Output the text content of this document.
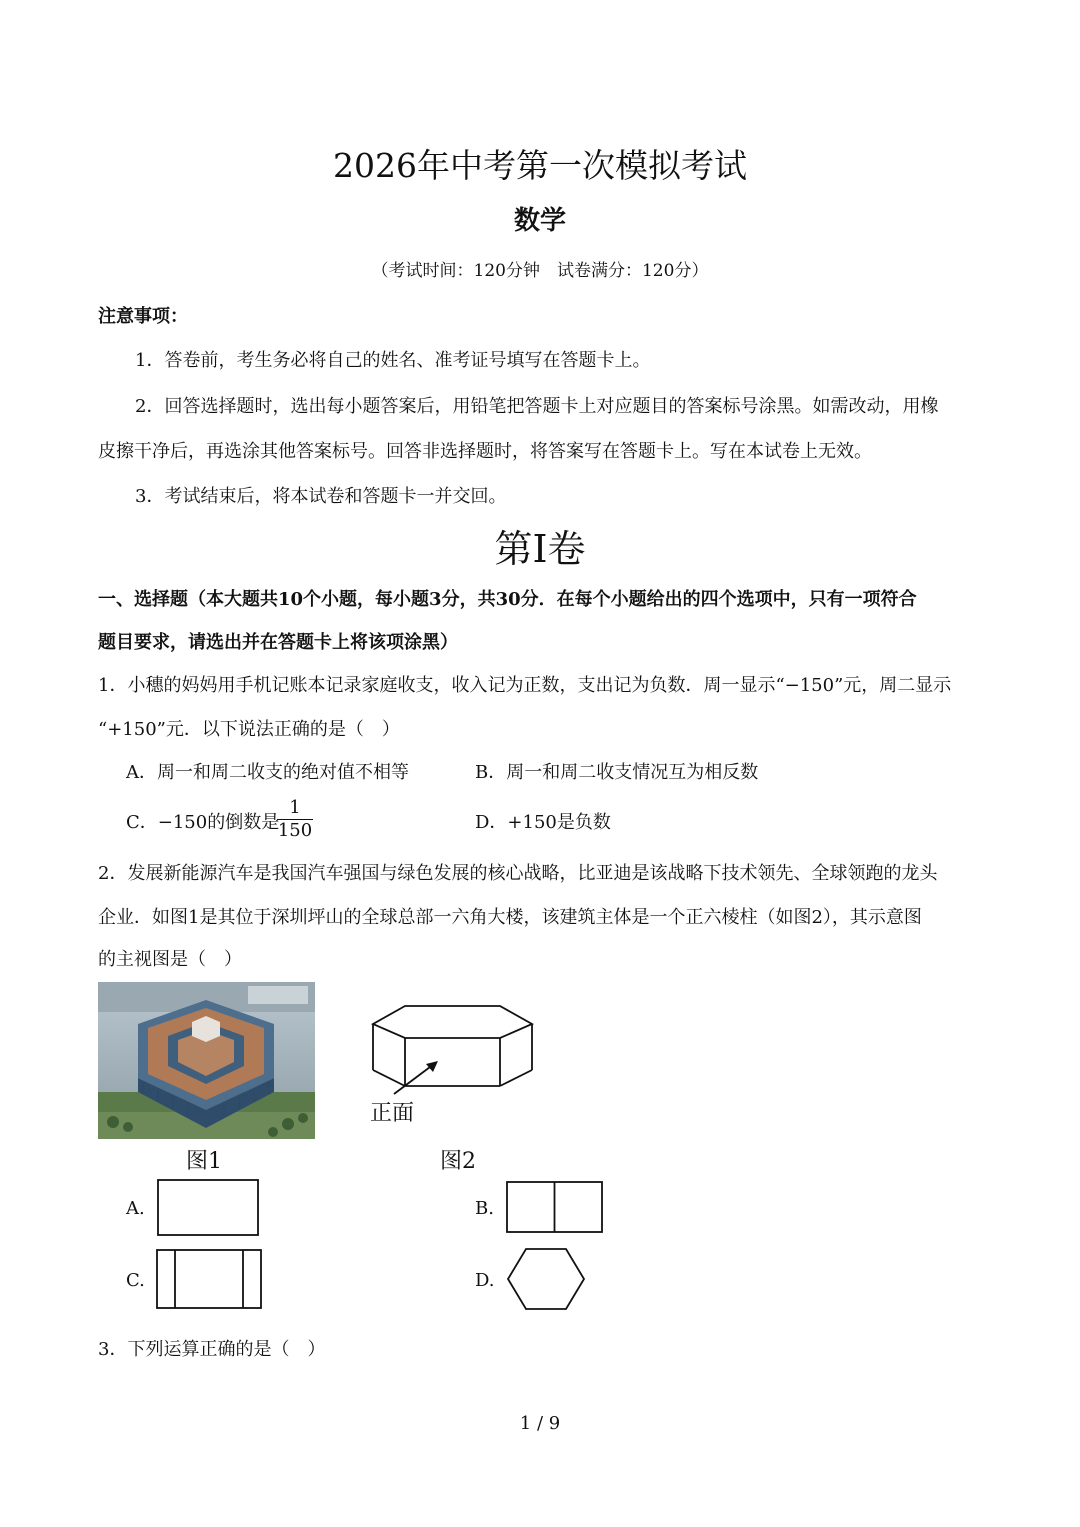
2026年中考第一次模拟考试
数学
（考试时间：120分钟　试卷满分：120分）
注意事项：
1．答卷前，考生务必将自己的姓名、准考证号填写在答题卡上。
2．回答选择题时，选出每小题答案后，用铅笔把答题卡上对应题目的答案标号涂黑。如需改动，用橡
皮擦干净后，再选涂其他答案标号。回答非选择题时，将答案写在答题卡上。写在本试卷上无效。
3．考试结束后，将本试卷和答题卡一并交回。
第I卷
一、选择题（本大题共10个小题，每小题3分，共30分．在每个小题给出的四个选项中，只有一项符合
题目要求，请选出并在答题卡上将该项涂黑）
1．小穗的妈妈用手机记账本记录家庭收支，收入记为正数，支出记为负数．周一显示“−150”元，周二显示
“+150”元．以下说法正确的是（　）
A．周一和周二收支的绝对值不相等	B．周一和周二收支情况互为相反数
C．−150的倒数是
1
150	D．+150是负数
2．发展新能源汽车是我国汽车强国与绿色发展的核心战略，比亚迪是该战略下技术领先、全球领跑的龙头
企业．如图1是其位于深圳坪山的全球总部一六角大楼，该建筑主体是一个正六棱柱（如图2），其示意图
的主视图是（　）
正面
图1	图2
A.	B.
C.	D.
3．下列运算正确的是（　）
1 / 9
